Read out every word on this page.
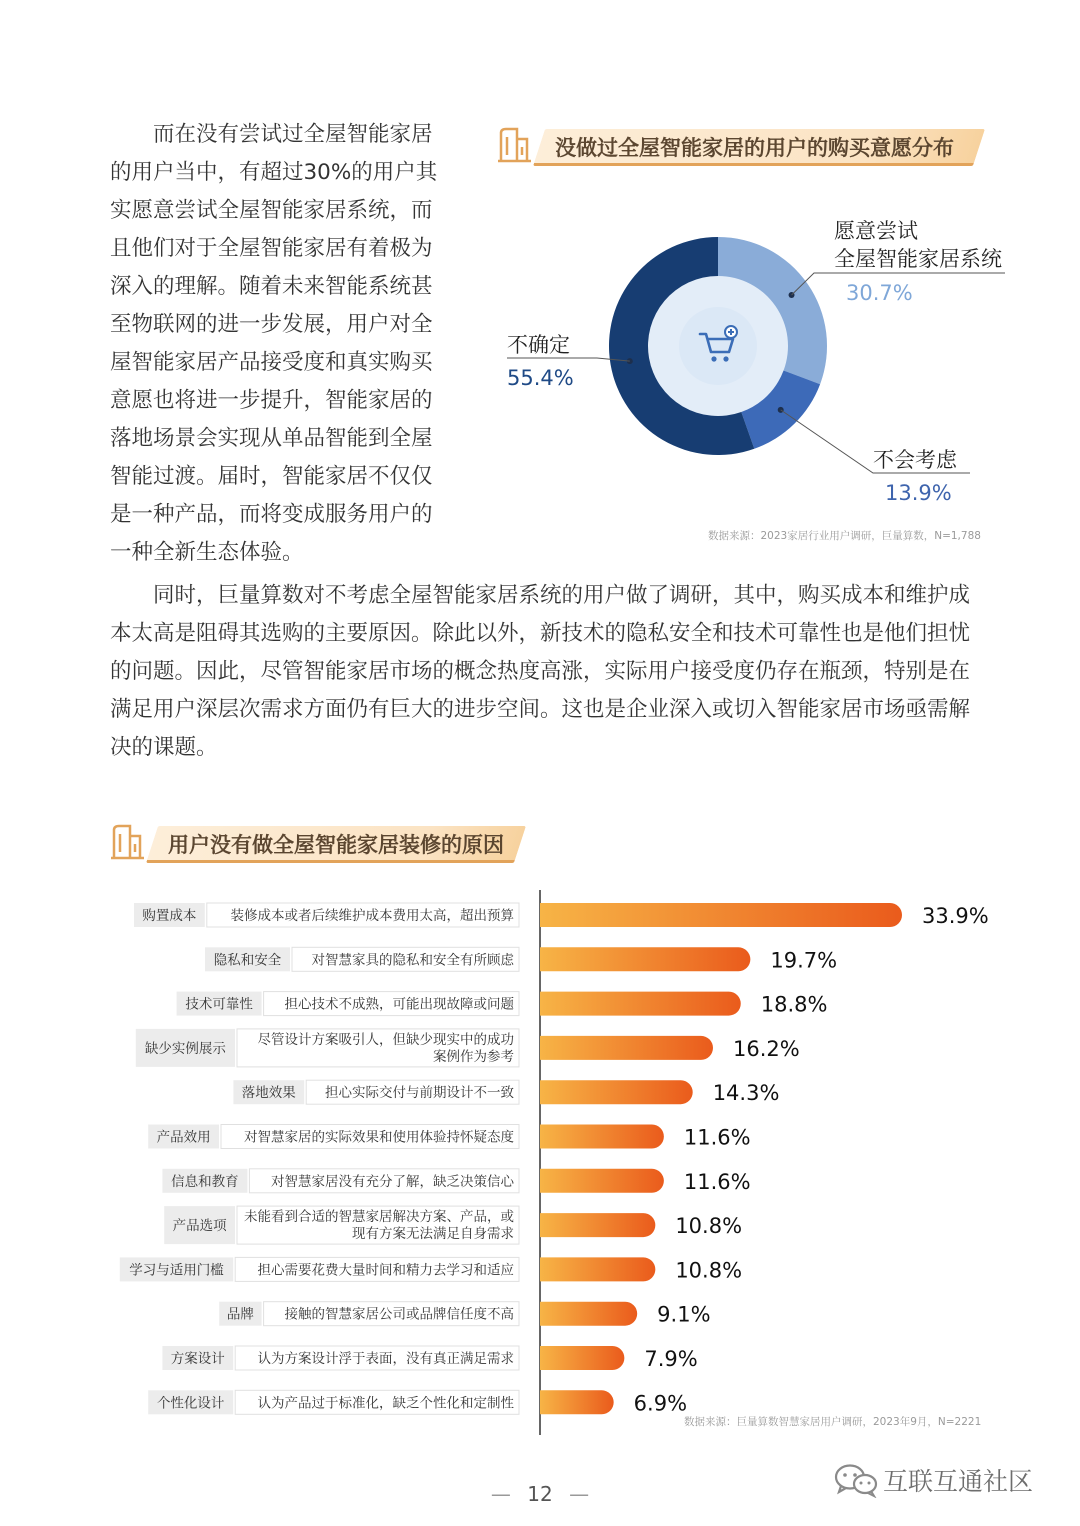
　　而在没有尝试过全屋智能家居
的用户当中，有超过30%的用户其
实愿意尝试全屋智能家居系统，而
且他们对于全屋智能家居有着极为
深入的理解。随着未来智能系统甚
至物联网的进一步发展，用户对全
屋智能家居产品接受度和真实购买
意愿也将进一步提升，智能家居的
落地场景会实现从单品智能到全屋
智能过渡。届时，智能家居不仅仅
是一种产品，而将变成服务用户的
一种全新生态体验。
没做过全屋智能家居的用户的购买意愿分布
愿意尝试
全屋智能家居系统
30.7%
不会考虑
13.9%
不确定
55.4%
数据来源：2023家居行业用户调研，巨量算数，N=1,788
　　同时，巨量算数对不考虑全屋智能家居系统的用户做了调研，其中，购买成本和维护成
本太高是阻碍其选购的主要原因。除此以外，新技术的隐私安全和技术可靠性也是他们担忧
的问题。因此，尽管智能家居市场的概念热度高涨，实际用户接受度仍存在瓶颈，特别是在
满足用户深层次需求方面仍有巨大的进步空间。这也是企业深入或切入智能家居市场亟需解
决的课题。
用户没有做全屋智能家居装修的原因
装修成本或者后续维护成本费用太高，超出预算
购置成本	33.9%
对智慧家具的隐私和安全有所顾虑
隐私和安全	19.7%
担心技术不成熟，可能出现故障或问题
技术可靠性	18.8%
尽管设计方案吸引人，但缺少现实中的成功
案例作为参考
缺少实例展示	16.2%
担心实际交付与前期设计不一致
落地效果	14.3%
对智慧家居的实际效果和使用体验持怀疑态度
产品效用	11.6%
对智慧家居没有充分了解，缺乏决策信心
信息和教育	11.6%
未能看到合适的智慧家居解决方案、产品，或
现有方案无法满足自身需求
产品选项	10.8%
担心需要花费大量时间和精力去学习和适应
学习与适用门槛	10.8%
接触的智慧家居公司或品牌信任度不高
品牌	9.1%
认为方案设计浮于表面，没有真正满足需求
方案设计	7.9%
认为产品过于标准化，缺乏个性化和定制性
个性化设计	6.9%
数据来源：巨量算数智慧家居用户调研，2023年9月，N=2221
— 12 —	互联互通社区
